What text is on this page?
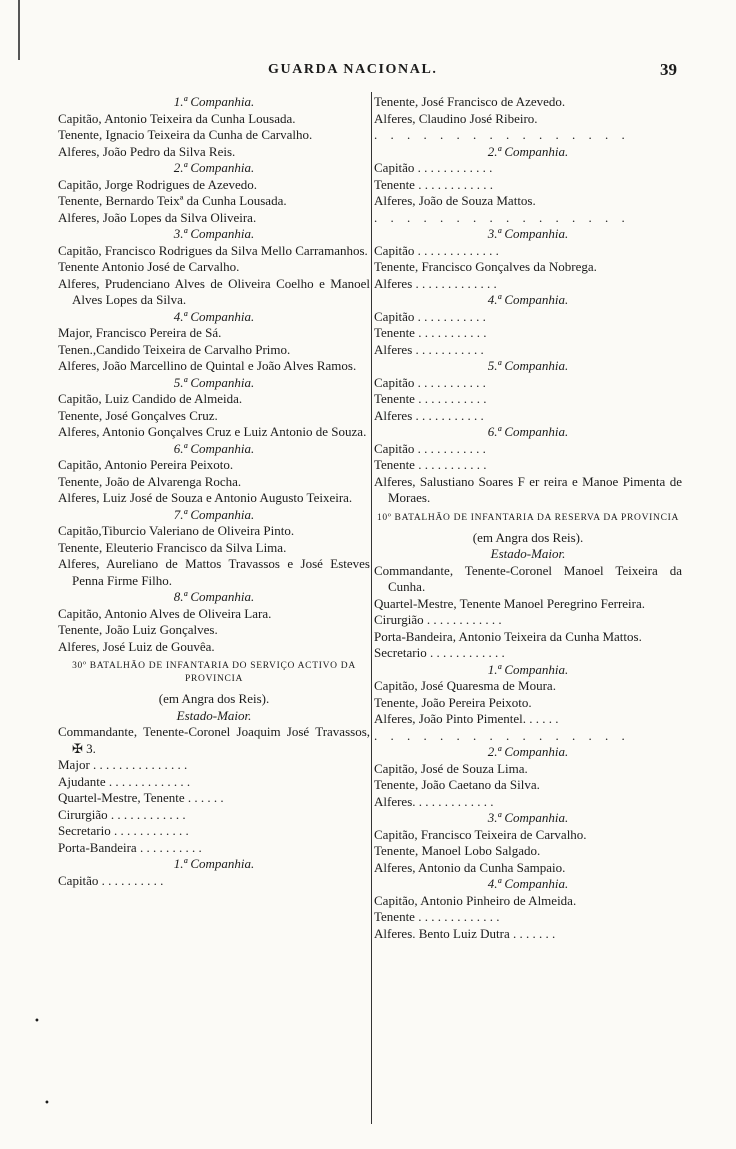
•
•
GUARDA NACIONAL.	39
1.ª Companhia.
Capitão, Antonio Teixeira da Cunha Lousada.
Tenente, Ignacio Teixeira da Cunha de Carvalho.
Alferes, João Pedro da Silva Reis.
2.ª Companhia.
Capitão, Jorge Rodrigues de Azevedo.
Tenente, Bernardo Teixª da Cunha Lousada.
Alferes, João Lopes da Silva Oliveira.
3.ª Companhia.
Capitão, Francisco Rodrigues da Silva Mello Carramanhos.
Tenente Antonio José de Carvalho.
Alferes, Prudenciano Alves de Oliveira Coelho e Manoel Alves Lopes da Silva.
4.ª Companhia.
Major, Francisco Pereira de Sá.
Tenen.,Candido Teixeira de Carvalho Primo.
Alferes, João Marcellino de Quintal e João Alves Ramos.
5.ª Companhia.
Capitão, Luiz Candido de Almeida.
Tenente, José Gonçalves Cruz.
Alferes, Antonio Gonçalves Cruz e Luiz Antonio de Souza.
6.ª Companhia.
Capitão, Antonio Pereira Peixoto.
Tenente, João de Alvarenga Rocha.
Alferes, Luiz José de Souza e Antonio Augusto Teixeira.
7.ª Companhia.
Capitão,Tiburcio Valeriano de Oliveira Pinto.
Tenente, Eleuterio Francisco da Silva Lima.
Alferes, Aureliano de Mattos Travassos e José Esteves Penna Firme Filho.
8.ª Companhia.
Capitão, Antonio Alves de Oliveira Lara.
Tenente, João Luiz Gonçalves.
Alferes, José Luiz de Gouvêa.
30º BATALHÃO DE INFANTARIA DO SERVIÇO ACTIVO DA PROVINCIA
(em Angra dos Reis).
Estado-Maior.
Commandante, Tenente-Coronel Joaquim José Travassos, ✠ 3.
Major . . . . . . . . . . . . . . .
Ajudante . . . . . . . . . . . . .
Quartel-Mestre, Tenente . . . . . .
Cirurgião . . . . . . . . . . . .
Secretario . . . . . . . . . . . .
Porta-Bandeira . . . . . . . . . .
1.ª Companhia.
Capitão . . . . . . . . . .
Tenente, José Francisco de Azevedo.
Alferes, Claudino José Ribeiro.
. . . . . . . . . . . . . . . .
2.ª Companhia.
Capitão . . . . . . . . . . . .
Tenente . . . . . . . . . . . .
Alferes, João de Souza Mattos.
. . . . . . . . . . . . . . . .
3.ª Companhia.
Capitão . . . . . . . . . . . . .
Tenente, Francisco Gonçalves da Nobrega.
Alferes . . . . . . . . . . . . .
4.ª Companhia.
Capitão . . . . . . . . . . .
Tenente . . . . . . . . . . .
Alferes . . . . . . . . . . .
5.ª Companhia.
Capitão . . . . . . . . . . .
Tenente . . . . . . . . . . .
Alferes . . . . . . . . . . .
6.ª Companhia.
Capitão . . . . . . . . . . .
Tenente . . . . . . . . . . .
Alferes, Salustiano Soares F er reira e Manoe Pimenta de Moraes.
10º BATALHÃO DE INFANTARIA DA RESERVA DA PROVINCIA
(em Angra dos Reis).
Estado-Maior.
Commandante, Tenente-Coronel Manoel Teixeira da Cunha.
Quartel-Mestre, Tenente Manoel Peregrino Ferreira.
Cirurgião . . . . . . . . . . . .
Porta-Bandeira, Antonio Teixeira da Cunha Mattos.
Secretario . . . . . . . . . . . .
1.ª Companhia.
Capitão, José Quaresma de Moura.
Tenente, João Pereira Peixoto.
Alferes, João Pinto Pimentel. . . . . .
. . . . . . . . . . . . . . . .
2.ª Companhia.
Capitão, José de Souza Lima.
Tenente, João Caetano da Silva.
Alferes. . . . . . . . . . . . .
3.ª Companhia.
Capitão, Francisco Teixeira de Carvalho.
Tenente, Manoel Lobo Salgado.
Alferes, Antonio da Cunha Sampaio.
4.ª Companhia.
Capitão, Antonio Pinheiro de Almeida.
Tenente . . . . . . . . . . . . .
Alferes. Bento Luiz Dutra . . . . . . .
